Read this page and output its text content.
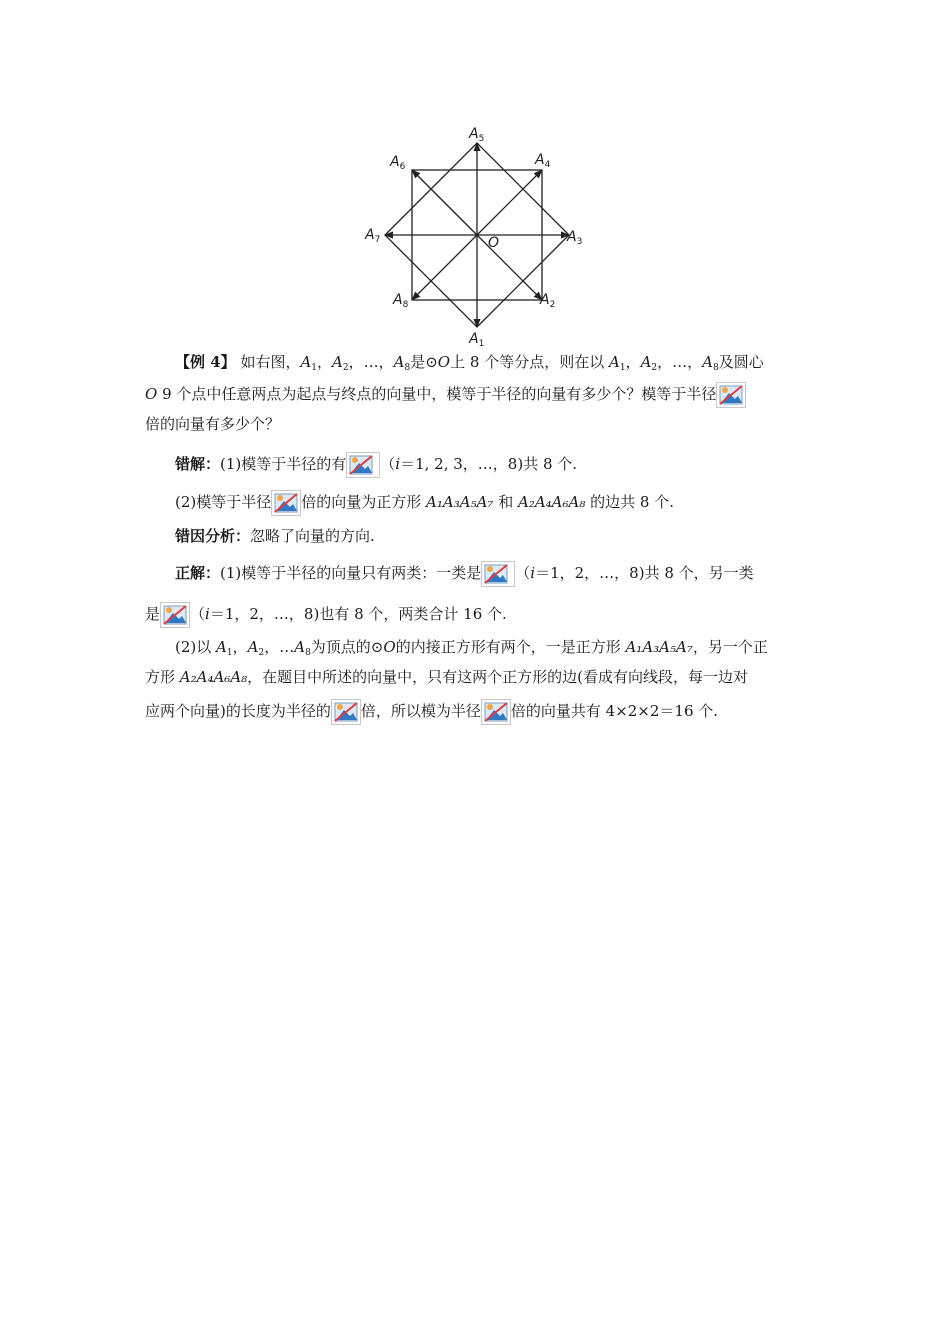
$A_5$
$A_6$	$A_4$
$A_7$	O	$A_3$
$A_8$	$A_2$
$A_1$
【例 4】 如右图，$A_1$，$A_2$，…，$A_8$是⊙O上 8 个等分点，则在以 $A_1$，$A_2$，…，$A_8$及圆心
O 9 个点中任意两点为起点与终点的向量中，模等于半径的向量有多少个？模等于半径
倍的向量有多少个？
错解：(1)模等于半径的有 （i＝1, 2, 3，…，8)共 8 个.
(2)模等于半径 倍的向量为正方形 A₁A₃A₅A₇ 和 A₂A₄A₆A₈ 的边共 8 个.
错因分析：忽略了向量的方向.
正解：(1)模等于半径的向量只有两类：一类是 （i＝1，2，…，8)共 8 个，另一类
是 （i＝1，2，…，8)也有 8 个，两类合计 16 个.
(2)以 $A_1$，$A_2$，$\dots A_8$为顶点的⊙O的内接正方形有两个，一是正方形 A₁A₃A₅A₇，另一个正
方形 A₂A₄A₆A₈，在题目中所述的向量中，只有这两个正方形的边(看成有向线段，每一边对
应两个向量)的长度为半径的 倍，所以模为半径 倍的向量共有 4×2×2＝16 个.
